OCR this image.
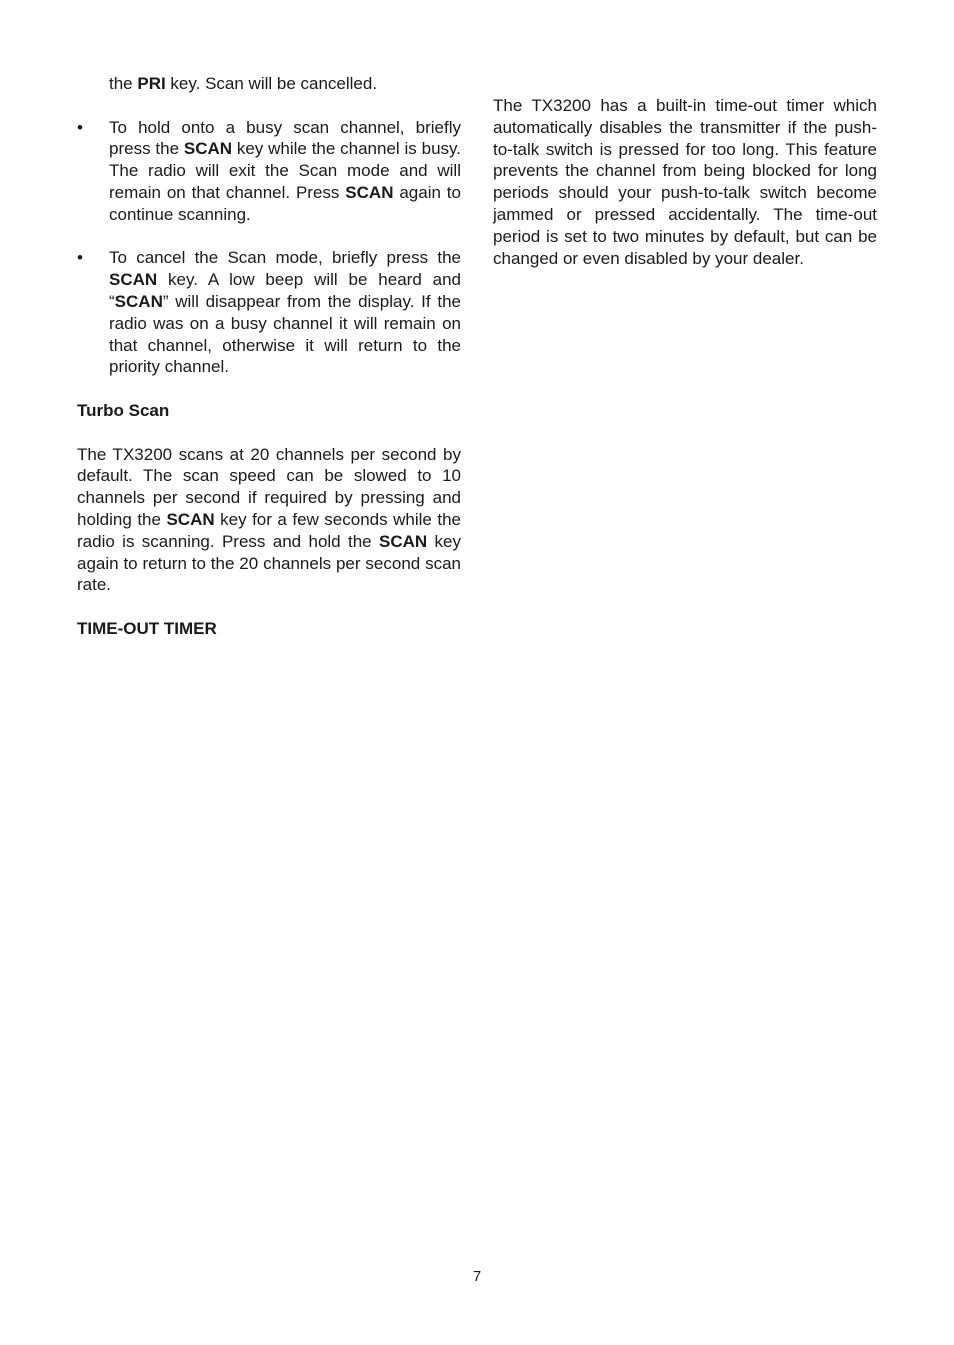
the PRI key. Scan will be cancelled.

•	To hold onto a busy scan channel, briefly press the SCAN key while the channel is busy. The radio will exit the Scan mode and will remain on that channel. Press SCAN again to continue scanning.
•	To cancel the Scan mode, briefly press the SCAN key. A low beep will be heard and “SCAN” will disappear from the display. If the radio was on a busy channel it will remain on that channel, otherwise it will return to the priority channel.

Turbo Scan

The TX3200 scans at 20 channels per second by default. The scan speed can be slowed to 10 channels per second if required by pressing and holding the SCAN key for a few seconds while the radio is scanning. Press and hold the SCAN key again to return to the 20 channels per second scan rate.

TIME-OUT TIMER

The TX3200 has a built-in time-out timer which automatically disables the transmitter if the push-to-talk switch is pressed for too long. This feature prevents the channel from being blocked for long periods should your push-to-talk switch become jammed or pressed accidentally. The time-out period is set to two minutes by default, but can be changed or even disabled by your dealer.

7
